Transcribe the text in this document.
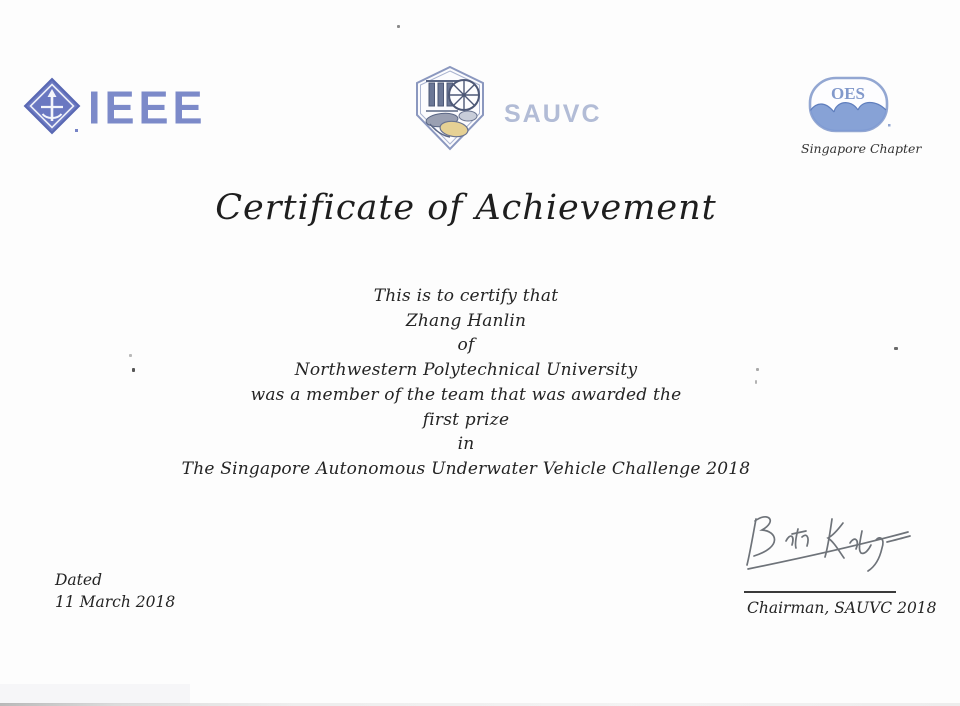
IEEE	SAUVC
OES
Singapore Chapter
Certificate of Achievement
This is to certify that
Zhang Hanlin
of
Northwestern Polytechnical University
was a member of the team that was awarded the
first prize
in
The Singapore Autonomous Underwater Vehicle Challenge 2018
Dated
11 March 2018	Chairman, SAUVC 2018
